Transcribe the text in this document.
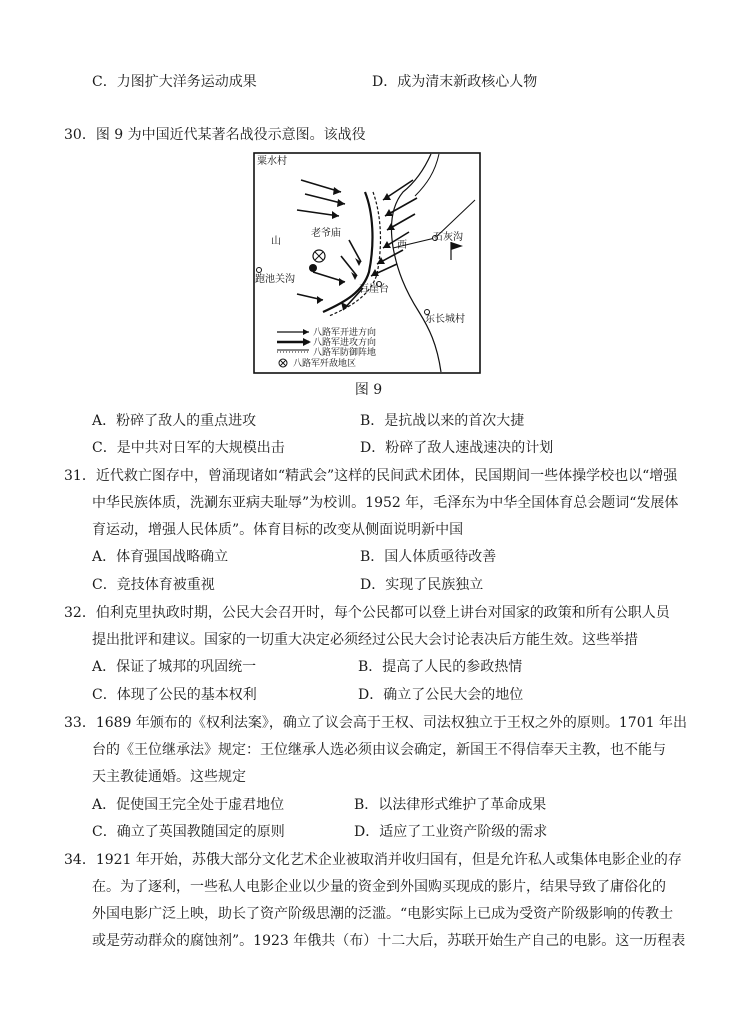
C．力图扩大洋务运动成果	D．成为清末新政核心人物
30．图 9 为中国近代某著名战役示意图。该战役
粟水村
老爷庙
山	西
石灰沟
跑池关沟
百崖台
东长城村
八路军开进方向
八路军进攻方向
八路军防御阵地
八路军歼敌地区
图 9
A．粉碎了敌人的重点进攻	B．是抗战以来的首次大捷
C．是中共对日军的大规模出击	D．粉碎了敌人速战速决的计划
31．近代救亡图存中，曾涌现诸如“精武会”这样的民间武术团体，民国期间一些体操学校也以“增强
中华民族体质，洗涮东亚病夫耻辱”为校训。1952 年，毛泽东为中华全国体育总会题词“发展体
育运动，增强人民体质”。体育目标的改变从侧面说明新中国
A．体育强国战略确立	B．国人体质亟待改善
C．竞技体育被重视	D．实现了民族独立
32．伯利克里执政时期，公民大会召开时，每个公民都可以登上讲台对国家的政策和所有公职人员
提出批评和建议。国家的一切重大决定必须经过公民大会讨论表决后方能生效。这些举措
A．保证了城邦的巩固统一	B．提高了人民的参政热情
C．体现了公民的基本权利	D．确立了公民大会的地位
33．1689 年颁布的《权利法案》，确立了议会高于王权、司法权独立于王权之外的原则。1701 年出
台的《王位继承法》规定：王位继承人选必须由议会确定，新国王不得信奉天主教，也不能与
天主教徒通婚。这些规定
A．促使国王完全处于虚君地位	B．以法律形式维护了革命成果
C．确立了英国教随国定的原则	D．适应了工业资产阶级的需求
34．1921 年开始，苏俄大部分文化艺术企业被取消并收归国有，但是允许私人或集体电影企业的存
在。为了逐利，一些私人电影企业以少量的资金到外国购买现成的影片，结果导致了庸俗化的
外国电影广泛上映，助长了资产阶级思潮的泛滥。“电影实际上已成为受资产阶级影响的传教士
或是劳动群众的腐蚀剂”。1923 年俄共（布）十二大后，苏联开始生产自己的电影。这一历程表
